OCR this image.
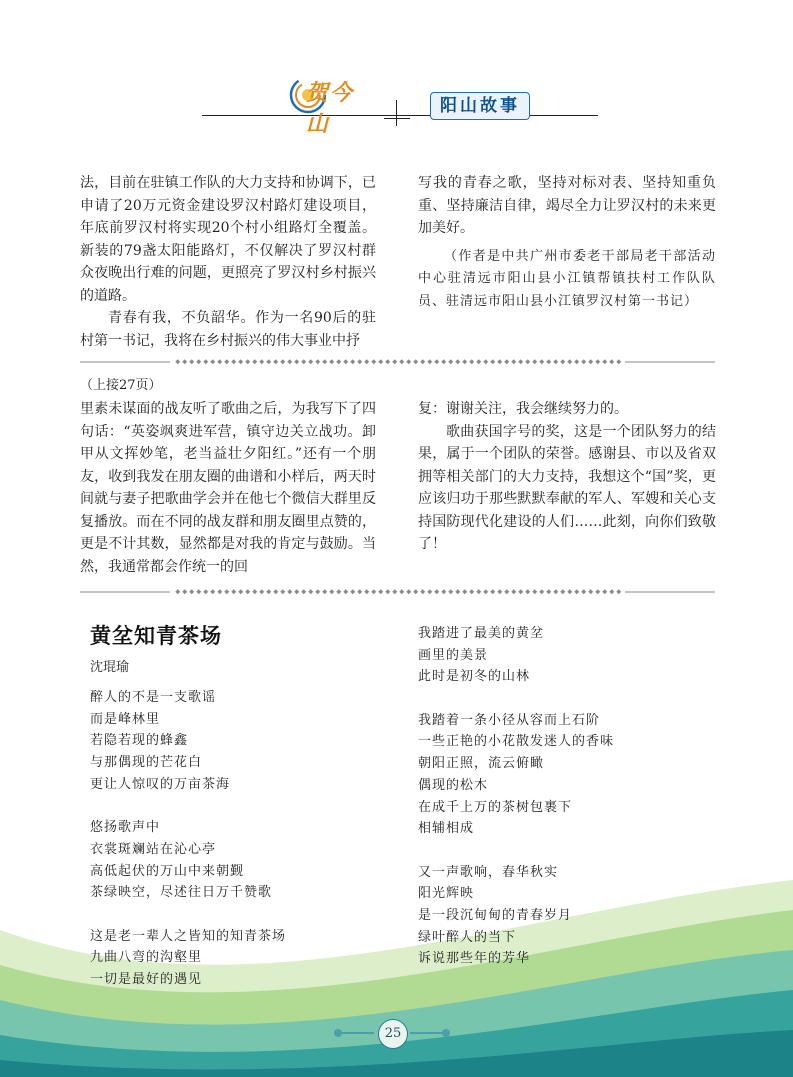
贺今山
阳山故事

法，目前在驻镇工作队的大力支持和协调下，已申请了20万元资金建设罗汉村路灯建设项目，年底前罗汉村将实现20个村小组路灯全覆盖。新装的79盏太阳能路灯，不仅解决了罗汉村群众夜晚出行难的问题，更照亮了罗汉村乡村振兴的道路。

青春有我，不负韶华。作为一名90后的驻村第一书记，我将在乡村振兴的伟大事业中抒

写我的青春之歌，坚持对标对表、坚持知重负重、坚持廉洁自律，竭尽全力让罗汉村的未来更加美好。

（作者是中共广州市委老干部局老干部活动中心驻清远市阳山县小江镇帮镇扶村工作队队员、驻清远市阳山县小江镇罗汉村第一书记）

（上接27页）

里素未谋面的战友听了歌曲之后，为我写下了四句话：“英姿飒爽进军营，镇守边关立战功。卸甲从文挥妙笔，老当益壮夕阳红。”还有一个朋友，收到我发在朋友圈的曲谱和小样后，两天时间就与妻子把歌曲学会并在他七个微信大群里反复播放。而在不同的战友群和朋友圈里点赞的，更是不计其数，显然都是对我的肯定与鼓励。当然，我通常都会作统一的回

复：谢谢关注，我会继续努力的。

歌曲获国字号的奖，这是一个团队努力的结果，属于一个团队的荣誉。感谢县、市以及省双拥等相关部门的大力支持，我想这个“国”奖，更应该归功于那些默默奉献的军人、军嫂和关心支持国防现代化建设的人们……此刻，向你们致敬了！

黄坌知青茶场
沈琨瑜
醉人的不是一支歌谣
而是峰林里
若隐若现的蜂鑫
与那偶现的芒花白
更让人惊叹的万亩茶海
悠扬歌声中
衣裳斑斓站在沁心亭
高低起伏的万山中来朝觐
茶绿映空，尽述往日万千赞歌
这是老一辈人之皆知的知青茶场
九曲八弯的沟壑里
一切是最好的遇见
我踏进了最美的黄坌
画里的美景
此时是初冬的山林
我踏着一条小径从容而上石阶
一些正艳的小花散发迷人的香味
朝阳正照，流云俯瞰
偶现的松木
在成千上万的茶树包裹下
相辅相成
又一声歌响，春华秋实
阳光辉映
是一段沉甸甸的青春岁月
绿叶醉人的当下
诉说那些年的芳华
25
